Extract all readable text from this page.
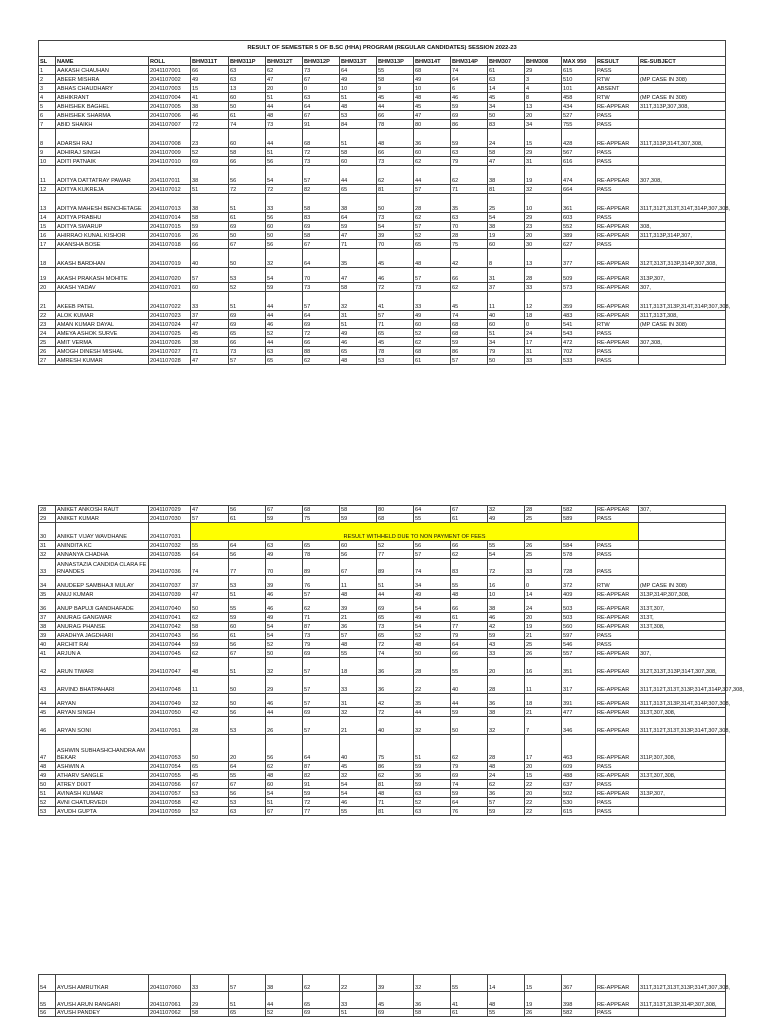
RESULT OF SEMESTER 5 OF B.SC (HHA) PROGRAM (REGULAR CANDIDATES) SESSION 2022-23															
SL	NAME	ROLL	BHM311T	BHM311P	BHM312T	BHM312P	BHM313T	BHM313P	BHM314T	BHM314P	BHM307	BHM308	MAX 950	RESULT	RE-SUBJECT
1	AAKASH CHAUHAN	2041107001	66	63	62	73	64	55	68	74	61	29	615	PASS	
2	ABEER MISHRA	2041107002	49	63	47	67	49	58	49	64	63	3	510	RTW	(MP CASE IN 308)
3	ABHAS CHAUDHARY	2041107003	15	13	20	0	10	9	10	6	14	4	101	ABSENT	
4	ABHIKRANT	2041107004	41	60	51	63	51	45	48	46	45	8	458	RTW	(MP CASE IN 308)
5	ABHISHEK BAGHEL	2041107005	38	50	44	64	48	44	45	59	34	13	434	RE-APPEAR	311T,313P,307,308,
6	ABHISHEK SHARMA	2041107006	46	61	48	67	53	66	47	69	50	20	527	PASS	
7	ABID SHAIKH	2041107007	72	74	73	91	84	78	80	86	83	34	755	PASS	
8	ADARSH RAJ	2041107008	23	60	44	68	51	48	36	59	24	15	428	RE-APPEAR	311T,313P,314T,307,308,
9	ADHIRAJ SINGH	2041107009	52	58	51	72	58	66	60	63	58	29	567	PASS	
10	ADITI PATNAIK	2041107010	69	66	56	73	60	73	62	79	47	31	616	PASS	
11	ADITYA DATTATRAY PAWAR	2041107011	38	56	54	57	44	62	44	62	38	19	474	RE-APPEAR	307,308,
12	ADITYA KUKREJA	2041107012	51	72	72	82	65	81	57	71	81	32	664	PASS	
13	ADITYA MAHESH BENCHETAGE	2041107013	38	51	33	58	38	50	28	35	25	10	361	RE-APPEAR	311T,312T,313T,314T,314P,307,308,
14	ADITYA PRABHU	2041107014	58	61	56	83	64	73	62	63	54	29	603	PASS	
15	ADITYA SWARUP	2041107015	59	69	60	69	59	54	57	70	38	23	552	RE-APPEAR	308,
16	AHIRRAO KUNAL KISHOR	2041107016	26	50	50	58	47	39	52	28	19	20	389	RE-APPEAR	311T,313P,314P,307,
17	AKANSHA BOSE	2041107018	66	67	56	67	71	70	65	75	60	30	627	PASS	
18	AKASH BARDHAN	2041107019	40	50	32	64	35	45	48	42	8	13	377	RE-APPEAR	312T,313T,313P,314P,307,308,
19	AKASH PRAKASH MOHITE	2041107020	57	53	54	70	47	46	57	66	31	28	509	RE-APPEAR	313P,307,
20	AKASH YADAV	2041107021	60	52	59	73	58	72	73	62	37	33	573	RE-APPEAR	307,
21	AKEEB PATEL	2041107022	33	51	44	57	32	41	33	45	11	12	359	RE-APPEAR	311T,313T,313P,314T,314P,307,308,
22	ALOK KUMAR	2041107023	37	69	44	64	31	57	49	74	40	18	483	RE-APPEAR	311T,313T,308,
23	AMAN KUMAR DAYAL	2041107024	47	69	46	69	51	71	60	68	60	0	541	RTW	(MP CASE IN 308)
24	AMEYA ASHOK SURVE	2041107025	45	65	52	72	49	65	52	68	51	24	543	PASS	
25	AMIT VERMA	2041107026	38	66	44	66	46	45	62	59	34	17	472	RE-APPEAR	307,308,
26	AMOGH DINESH MISHAL	2041107027	71	73	63	88	65	78	68	86	79	31	702	PASS	
27	AMRESH KUMAR	2041107028	47	57	65	62	48	53	61	57	50	33	533	PASS	
28	ANIKET ANKOSH RAUT	2041107029	47	56	67	68	58	80	64	67	32	28	582	RE-APPEAR	307,
29	ANIKET KUMAR	2041107030	57	61	59	75	59	68	55	61	49	25	589	PASS	
30	ANIKET VIJAY WAVDHANE	2041107031	RESULT WITHHELD DUE TO NON PAYMENT OF FEES												
31	ANINDITA KC	2041107032	55	64	63	65	60	52	56	66	55	26	584	PASS	
32	ANNANYA CHADHA	2041107035	64	56	49	78	56	77	57	62	54	25	578	PASS	
33	ANNASTAZIA CANDIDA CLARA FERNANDES	2041107036	74	77	70	89	67	89	74	83	72	33	728	PASS	
34	ANUDEEP SAMBHAJI MULAY	2041107037	37	53	39	76	11	51	34	55	16	0	372	RTW	(MP CASE IN 308)
35	ANUJ KUMAR	2041107039	47	51	46	57	48	44	49	48	10	14	409	RE-APPEAR	313P,314P,307,308,
36	ANUP BAPUJI GANDHAFADE	2041107040	50	55	46	62	39	69	54	66	38	24	503	RE-APPEAR	313T,307,
37	ANURAG GANGWAR	2041107041	62	59	49	71	21	65	49	61	46	20	503	RE-APPEAR	313T,
38	ANURAG PHANSE	2041107042	58	60	54	87	36	73	54	77	42	19	560	RE-APPEAR	313T,308,
39	ARADHYA JAGDHARI	2041107043	56	61	54	73	57	65	52	79	59	21	597	PASS	
40	ARCHIT RAI	2041107044	59	56	52	79	48	72	48	64	43	25	546	PASS	
41	ARJUN A	2041107045	62	67	50	69	55	74	50	66	33	26	557	RE-APPEAR	307,
42	ARUN TIWARI	2041107047	48	51	32	57	18	36	28	55	20	16	351	RE-APPEAR	312T,313T,313P,314T,307,308,
43	ARVIND BHATPAHARI	2041107048	11	50	29	57	33	36	22	40	28	11	317	RE-APPEAR	311T,312T,313T,313P,314T,314P,307,308,
44	ARYAN	2041107049	32	50	46	57	31	42	35	44	36	18	391	RE-APPEAR	311T,313T,313P,314T,314P,307,308,
45	ARYAN SINGH	2041107050	42	56	44	69	32	72	44	59	38	21	477	RE-APPEAR	313T,307,308,
46	ARYAN SONI	2041107051	28	53	26	57	21	40	32	50	32	7	346	RE-APPEAR	311T,312T,313T,313P,314T,307,308,
47	ASHWIN SUBHASHCHANDRA AMBEKAR	2041107053	50	20	56	64	40	75	51	62	28	17	463	RE-APPEAR	311P,307,308,
48	ASHWIN A	2041107054	65	64	62	87	45	86	59	79	48	20	609	PASS	
49	ATHARV SANGLE	2041107055	45	55	48	82	32	62	36	69	24	15	488	RE-APPEAR	313T,307,308,
50	ATREY DIXIT	2041107056	67	67	60	91	54	81	59	74	62	22	637	PASS	
51	AVINASH KUMAR	2041107057	53	56	54	59	54	48	63	59	36	20	502	RE-APPEAR	313P,307,
52	AVNI CHATURVEDI	2041107058	42	53	51	72	46	71	52	64	57	22	530	PASS	
53	AYUDH GUPTA	2041107059	52	63	67	77	55	81	63	76	59	22	615	PASS	
54	AYUSH AMRUTKAR	2041107060	33	57	38	62	22	39	32	55	14	15	367	RE-APPEAR	311T,312T,313T,313P,314T,307,308,
55	AYUSH ARUN RANGARI	2041107061	29	51	44	65	33	45	36	41	48	19	398	RE-APPEAR	311T,313T,313P,314P,307,308,
56	AYUSH PANDEY	2041107062	58	65	52	69	51	69	58	61	55	26	582	PASS	
